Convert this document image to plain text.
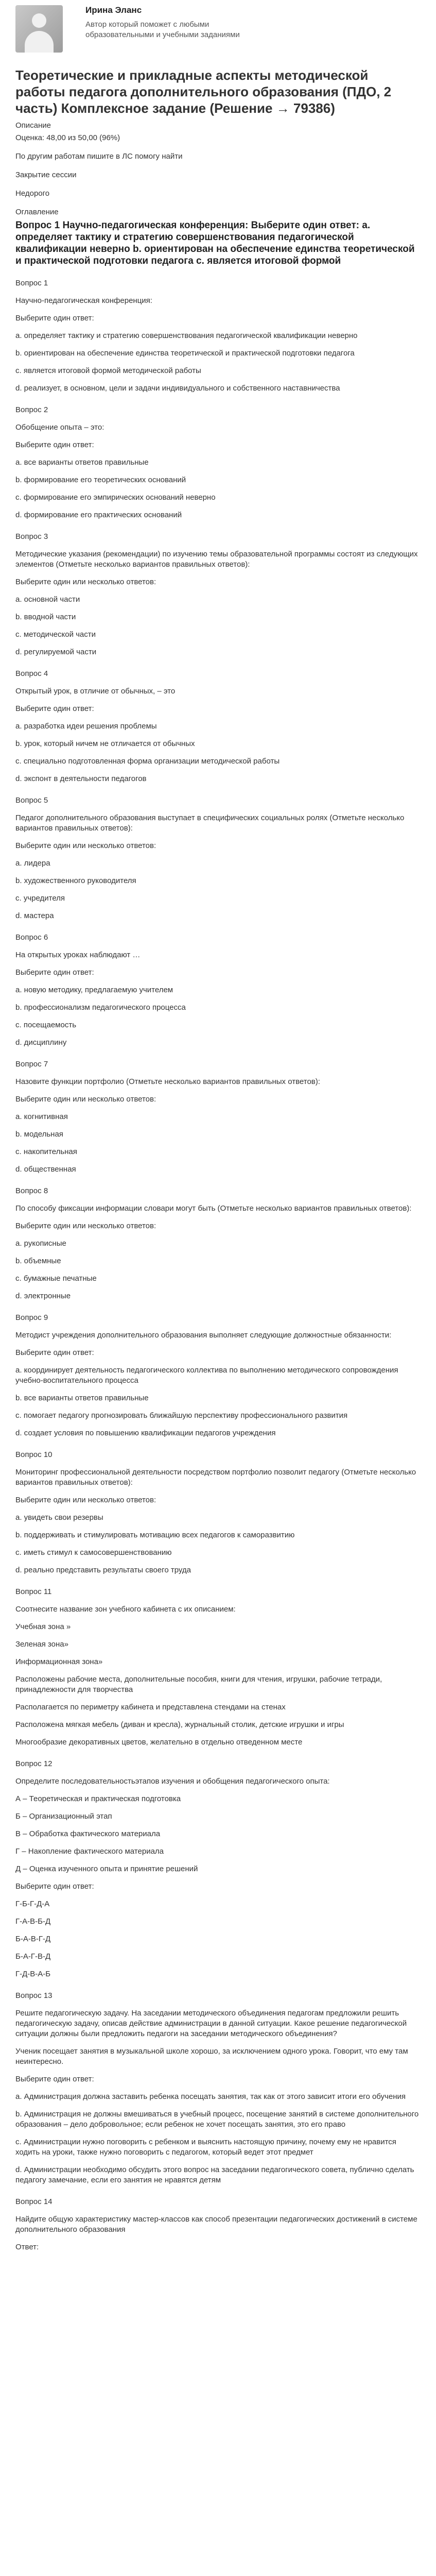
Ирина Эланс
Автор который поможет с любыми образовательными и учебными заданиями
Теоретические и прикладные аспекты методической работы педагога дополнительного образования (ПДО, 2 часть) Комплексное задание (Решение → 79386)
Описание
Оценка: 48,00 из 50,00 (96%)
По другим работам пишите в ЛС помогу найти
Закрытие сессии
Недорого
Оглавление
Вопрос 1 Научно-педагогическая конференция: Выберите один ответ: a. определяет тактику и стратегию совершенствования педагогической квалификации неверно b. ориентирован на обеспечение единства теоретической и практической подготовки педагога c. является итоговой формой
Вопрос 1
Научно-педагогическая конференция:
Выберите один ответ:
a. определяет тактику и стратегию совершенствования педагогической квалификации неверно
b. ориентирован на обеспечение единства теоретической и практической подготовки педагога
c. является итоговой формой методической работы
d. реализует, в основном, цели и задачи индивидуального и собственного наставничества
Вопрос 2
Обобщение опыта – это:
Выберите один ответ:
a. все варианты ответов правильные
b. формирование его теоретических оснований
c. формирование его эмпирических оснований неверно
d. формирование его практических оснований
Вопрос 3
Методические указания (рекомендации) по изучению темы образовательной программы состоят из следующих элементов (Отметьте несколько вариантов правильных ответов):
Выберите один или несколько ответов:
a. основной части
b. вводной части
c. методической части
d. регулируемой части
Вопрос 4
Открытый урок, в отличие от обычных, – это
Выберите один ответ:
a. разработка идеи решения проблемы
b. урок, который ничем не отличается от обычных
c. специально подготовленная форма организации методической работы
d. экспонт в деятельности педагогов
Вопрос 5
Педагог дополнительного образования выступает в специфических социальных ролях (Отметьте несколько вариантов правильных ответов):
Выберите один или несколько ответов:
a. лидера
b. художественного руководителя
c. учредителя
d. мастера
Вопрос 6
На открытых уроках наблюдают …
Выберите один ответ:
a. новую методику, предлагаемую учителем
b. профессионализм педагогического процесса
c. посещаемость
d. дисциплину
Вопрос 7
Назовите функции портфолио (Отметьте несколько вариантов правильных ответов):
Выберите один или несколько ответов:
a. когнитивная
b. модельная
c. накопительная
d. общественная
Вопрос 8
По способу фиксации информации словари могут быть (Отметьте несколько вариантов правильных ответов):
Выберите один или несколько ответов:
a. рукописные
b. объемные
c. бумажные печатные
d. электронные
Вопрос 9
Методист учреждения дополнительного образования выполняет следующие должностные обязанности:
Выберите один ответ:
a. координирует деятельность педагогического коллектива по выполнению методического сопровождения учебно-воспитательного процесса
b. все варианты ответов правильные
c. помогает педагогу прогнозировать ближайшую перспективу профессионального развития
d. создает условия по повышению квалификации педагогов учреждения
Вопрос 10
Мониторинг профессиональной деятельности посредством портфолио позволит педагогу (Отметьте несколько вариантов правильных ответов):
Выберите один или несколько ответов:
a. увидеть свои резервы
b. поддерживать и стимулировать мотивацию всех педагогов к саморазвитию
c. иметь стимул к самосовершенствованию
d. реально представить результаты своего труда
Вопрос 11
Соотнесите название зон учебного кабинета с их описанием:
Учебная зона »
Зеленая зона»
Информационная зона»
Расположены рабочие места, дополнительные пособия, книги для чтения, игрушки, рабочие тетради, принадлежности для творчества
Располагается по периметру кабинета и представлена стендами на стенах
Расположена мягкая мебель (диван и кресла), журнальный столик, детские игрушки и игры
Многообразие декоративных цветов, желательно в отдельно отведенном месте
Вопрос 12
Определите последовательностьэтапов изучения и обобщения педагогического опыта:
А – Теоретическая и практическая подготовка
Б – Организационный этап
В – Обработка фактического материала
Г – Накопление фактического материала
Д – Оценка изученного опыта и принятие решений
Выберите один ответ:
Г-Б-Г-Д-А
Г-А-В-Б-Д
Б-А-В-Г-Д
Б-А-Г-В-Д
Г-Д-В-А-Б
Вопрос 13
Решите педагогическую задачу. На заседании методического объединения педагогам предложили решить педагогическую задачу, описав действие администрации в данной ситуации. Какое решение педагогической ситуации должны были предложить педагоги на заседании методического объединения?
Ученик посещает занятия в музыкальной школе хорошо, за исключением одного урока. Говорит, что ему там неинтересно.
Выберите один ответ:
a. Администрация должна заставить ребенка посещать занятия, так как от этого зависит итоги его обучения
b. Администрация не должны вмешиваться в учебный процесс, посещение занятий в системе дополнительного образования – дело добровольное; если ребенок не хочет посещать занятия, это его право
c. Администрации нужно поговорить с ребенком и выяснить настоящую причину, почему ему не нравится ходить на уроки, также нужно поговорить с педагогом, который ведет этот предмет
d. Администрации необходимо обсудить этого вопрос на заседании педагогического совета, публично сделать педагогу замечание, если его занятия не нравятся детям
Вопрос 14
Найдите общую характеристику мастер-классов как способ презентации педагогических достижений в системе дополнительного образования
Ответ:
